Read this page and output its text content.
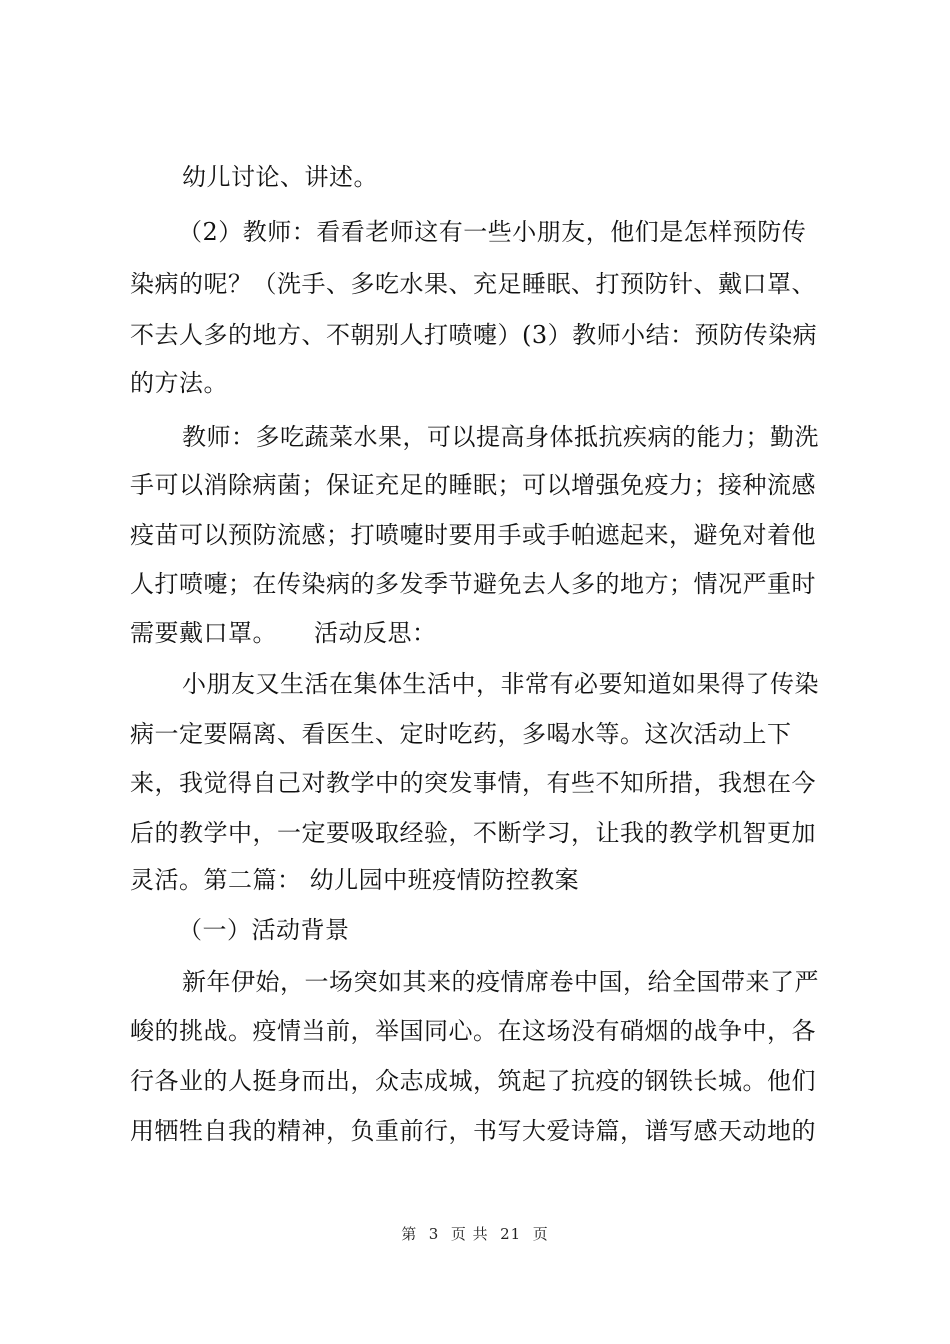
幼儿讨论、讲述。
（2）教师：看看老师这有一些小朋友，他们是怎样预防传
染病的呢？（洗手、多吃水果、充足睡眠、打预防针、戴口罩、
不去人多的地方、不朝别人打喷嚏）(3）教师小结：预防传染病
的方法。
教师：多吃蔬菜水果，可以提高身体抵抗疾病的能力；勤洗
手可以消除病菌；保证充足的睡眠；可以增强免疫力；接种流感
疫苗可以预防流感；打喷嚏时要用手或手帕遮起来，避免对着他
人打喷嚏；在传染病的多发季节避免去人多的地方；情况严重时
需要戴口罩。　　活动反思：
小朋友又生活在集体生活中，非常有必要知道如果得了传染
病一定要隔离、看医生、定时吃药，多喝水等。这次活动上下
来，我觉得自己对教学中的突发事情，有些不知所措，我想在今
后的教学中，一定要吸取经验，不断学习，让我的教学机智更加
灵活。第二篇： 幼儿园中班疫情防控教案
（一）活动背景
新年伊始，一场突如其来的疫情席卷中国，给全国带来了严
峻的挑战。疫情当前，举国同心。在这场没有硝烟的战争中，各
行各业的人挺身而出，众志成城，筑起了抗疫的钢铁长城。他们
用牺牲自我的精神，负重前行，书写大爱诗篇，谱写感天动地的
第  3  页 共  21  页
